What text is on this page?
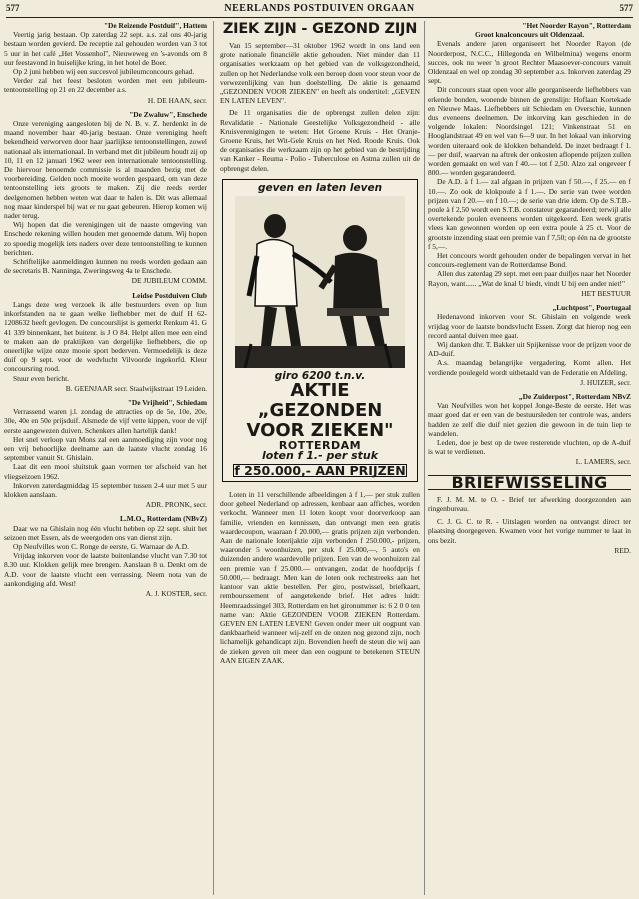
577	NEERLANDS POSTDUIVEN ORGAAN	577
"De Reizende Postduif", Hattem

Veertig jarig bestaan. Op zaterdag 22 sept. a.s. zal ons 40-jarig bestaan worden gevierd. De receptie zal gehouden worden van 3 tot 5 uur in het café „Het Vossenhol", Nieuweweg en 's-avonds om 8 uur feestavond in huiselijke kring, in het hotel de Boer.

Op 2 juni hebben wij een succesvol jubileumconcours gehad.

Verder zal het feest besloten worden met een jubileum-tentoonstelling op 21 en 22 december a.s.

H. DE HAAN, secr.

"De Zwaluw", Enschede

Onze vereniging aangesloten bij de N. B. v. Z. herdenkt in de maand november haar 40-jarig bestaan. Onze vereniging heeft bekendheid verworven door haar jaarlijkse tentoonstellingen, zowel nationaal als internationaal. In verband met dit jubileum houdt zij op 10, 11 en 12 januari 1962 weer een internationale tentoonstelling. De hiervoor benoemde commissie is al maanden bezig met de voorbereiding. Gelden noch moeite worden gespaard, om van deze tentoonstelling iets groots te maken. Zij die reeds eerder deelgenomen hebben weten wat daar te halen is. Dit was allemaal nog maar kinderspel bij wat er nu gaat gebeuren. Hierop komen wij nader terug.

Wij hopen dat die verenigingen uit de naaste omgeving van Enschede rekening willen houden met genoemde datum. Wij hopen zo spoedig mogelijk iets naders over deze tentoonstelling te kunnen berichten.

Schriftelijke aanmeldingen kunnen nu reeds worden gedaan aan de secretaris B. Nanninga, Zweringsweg 4a te Enschede.

DE JUBILEUM COMM.

Leidse Postduiven Club

Langs deze weg verzoek ik alle bestuurders even op hun inkorfstanden na te gaan welke liefhebber met de duif H 62-1208632 heeft gevlogen. De concourslijst is gemerkt Renkum 41. G 41 339 binnenkant, het buitenr. is J O 84. Helpt allen mee een eind te maken aan de praktijken van dergelijke liefhebbers, die op oneerlijke wijze onze mooie sport bederven. Vermoedelijk is deze duif op 9 sept. voor de wedvlucht Vilvoorde ingekorfd. Kleur concoursring rood.

Stuur even bericht.

B. GEENJAAR secr. Staalwijkstraat 19 Leiden.

"De Vrijheid", Schiedam

Verrassend waren j.l. zondag de attracties op de 5e, 10e, 20e, 30e, 40e en 50e prijsduif. Alsmede de vijf vette kippen, voor de vijf eerste aangewezen duiven. Schenkers allen hartelijk dank!

Het snel verloop van Mons zal een aanmoediging zijn voor nog een vrij behoorlijke deelname aan de laatste vlucht zondag 16 september vanuit St. Ghislain.

Laat dit een mooi sluitstuk gaan vormen ter afscheid van het vliegseizoen 1962.

Inkorven zaterdagmiddag 15 september tussen 2-4 uur met 5 uur klokken aanslaan.

ADR. PRONK, secr.

L.M.O., Rotterdam (NBvZ)

Daar we na Ghislain nog één vlucht hebben op 22 sept. sluit het seizoen met Essen, als de weergoden ons van dienst zijn.

Op Neufvilles won C. Ronge de eerste, G. Warnaar de A.D.

Vrijdag inkorven voor de laatste buitenlandse vlucht van 7.30 tot 8.30 uur. Klokken gelijk mee brengen. Aanslaan 8 u. Denkt om de A.D. voor de laatste vlucht een verrassing. Neem nota van de aankondiging afd. West!

A. J. KOSTER, secr.

ZIEK ZIJN - GEZOND ZIJN

Van 15 september—31 oktober 1962 wordt in ons land een grote nationale financiële aktie gehouden. Niet minder dan 11 organisaties werkzaam op het gebied van de volksgezondheid, zullen op het Nederlandse volk een beroep doen voor steun voor de verwezenlijking van hun doelstelling. De aktie is genaamd „GEZONDEN VOOR ZIEKEN" en heeft als ondertitel: „GEVEN EN LATEN LEVEN".

De 11 organisaties die de opbrengst zullen delen zijn: Revalidatie - Nationale Geestelijke Volksgezondheid - alle Kruisverenigingen te weten: Het Groene Kruis - Het Oranje-Groene Kruis, het Wit-Gele Kruis en het Ned. Roode Kruis. Ook de organisaties die werkzaam zijn op het gebied van de bestrijding van Kanker - Reuma - Polio - Tuberculose en Astma zullen uit de opbrengst delen.

geven en laten leven
giro 6200 t.n.v.
AKTIE „GEZONDEN VOOR ZIEKEN"
ROTTERDAM
loten f 1.- per stuk
f 250.000,- AAN PRIJZEN

Loten in 11 verschillende afbeeldingen à f 1,— per stuk zullen door geheel Nederland op adressen, kenbaar aan affiches, worden verkocht. Wanneer men 11 loten koopt voor doorverkoop aan familie, vrienden en kennissen, dan ontvangt men een gratis waardecoupon, waaraan f 20.000,— gratis prijzen zijn verbonden. Aan de nationale loterijaktie zijn verbonden f 250.000,- prijzen, waaronder 5 woonhuizen, per stuk f 25.000,—, 5 auto's en duizenden andere waardevolle prijzen. Een van de woonhuizen zal een premie van f 25.000.— ontvangen, zodat de hoofdprijs f 50.000,— bedraagt. Men kan de loten ook rechtstreeks aan het kantoor van aktie bestellen. Per giro, postwissel, briefkaart, rembourssement of aangetekende brief. Het adres luidt: Heemraadssingel 303, Rotterdam en het gironummer is: 6 2 0 0 ten name van: Aktie GEZONDEN VOOR ZIEKEN Rotterdam. GEVEN EN LATEN LEVEN! Geven onder meer uit oogpunt van dankbaarheid wanneer wij-zelf en de onzen nog gezond zijn, noch lichamelijk gehandicapt zijn. Bovendien heeft de steun die wij aan de zieken geven uit meer dan een oogpunt te betekenen STEUN AAN EIGEN ZAAK.

"Het Noorder Rayon", Rotterdam
Groot knalconcours uit Oldenzaal.

Evenals andere jaren organiseert het Noorder Rayon (de Noorderpost, N.C.C., Hillegonda en Wilhelmina) wegens enorm succes, ook nu weer 'n groot Rechter Maasoever-concours vanuit Oldenzaal en wel op zondag 30 september a.s. Inkorven zaterdag 29 sept.

Dit concours staat open voor alle georganiseerde liefhebbers van erkende bonden, wonende binnen de grenslijn: Hoflaan Kortekade en Nieuwe Maas. Liefhebbers uit Schiedam en Overschie, kunnen dus eveneens deelnemen. De inkorving kan geschieden in de volgende lokalen: Noordsingel 121; Vinkenstraat 51 en Hooglandstraat 49 en wel van 6—9 uur. In het lokaal van inkorving worden uiteraard ook de klokken behandeld. De inzet bedraagt f 1.— per duif, waarvan na aftrek der onkosten aflopende prijzen zullen worden gemaakt en wel van f 40.— tot f 2,50. Alzo zal ongeveer f 800.— worden gegarandeerd.

De A.D. à f 1.— zal afgaan in prijzen van f 50.—, f 25.— en f 10.—. Zo ook de klokpoule à f 1.—. De serie van twee worden prijzen van f 20.— en f 10.—; de serie van drie idem. Op de S.T.B.-poule à f 2,50 wordt een S.T.B. constateur gegarandeerd; terwijl alle overtekende poulen eveneens worden uitgekeerd. Een week gratis vlees kan gewonnen worden op een extra poule à 25 ct. Voor de grootste inzending staat een premie van f 7,50; op één na de grootste f 5,—.

Het concours wordt gehouden onder de bepalingen vervat in het concours-reglement van de Rotterdamse Bond.

Allen dus zaterdag 29 sept. met een paar duifjes naar het Noorder Rayon, want...... „Wat de knal U biedt, vindt U bij een ander niet!"

HET BESTUUR

„Luchtpost", Poortugaal

Hedenavond inkorven voor St. Ghislain en volgende week vrijdag voor de laatste bondsvlucht Essen. Zorgt dat hierop nog een record aantal duiven mee gaat.

Wij danken dhr. T. Bakker uit Spijkenisse voor de prijzen voor de AD-duif.

A.s. maandag belangrijke vergadering. Komt allen. Het verdiende poulegeld wordt uitbetaald van de Federatie en Afdeling.

J. HUIZER, secr.

„De Zuiderpost", Rotterdam NBvZ

Van Neufvilles won het koppel Jonge-Beste de eerste. Het was maar goed dat er een van de bestuursleden ter controle was, anders hadden ze zelf die duif niet gezien die gewoon in de tuin liep te wandelen.

Leden, doe je best op de twee resterende vluchten, op de A-duif is wat te verdienen.

L. LAMERS, secr.

BRIEFWISSELING

F. J. M. M. te O. - Brief ter afwerking doorgezonden aan ringenbureau.

C. J. G. C. te R. - Uitslagen worden na ontvangst direct ter plaatsing doorgegeven. Kwamen voor het vorige nummer te laat in ons bezit.

RED.
